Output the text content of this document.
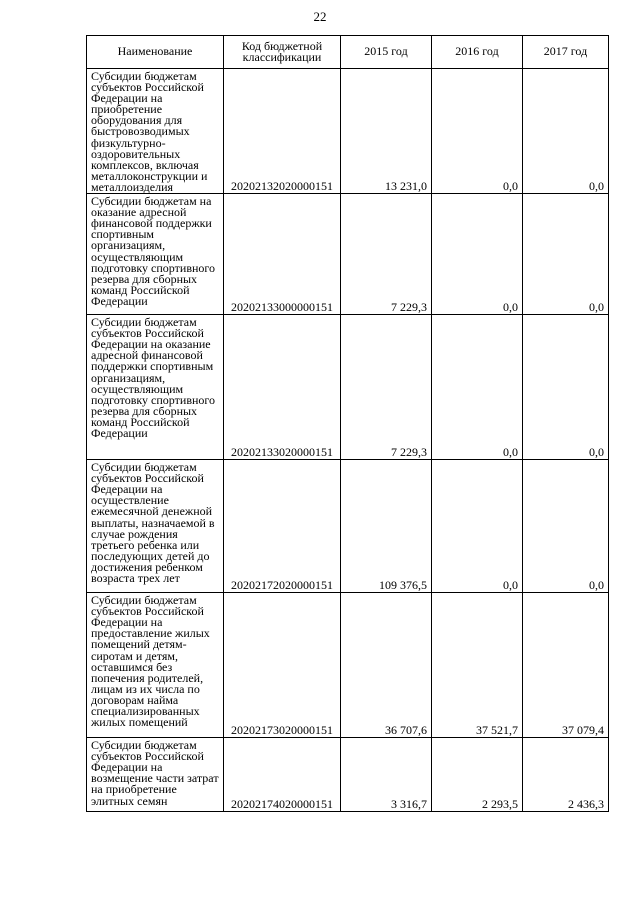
22
Наименование	Код бюджетной классификации	2015 год	2016 год	2017 год
Субсидии бюджетам субъектов Российской Федерации на приобретение оборудования для быстровозводимых физкультурно-оздоровительных комплексов, включая металлоконструкции и металлоизделия	20202132020000151	13 231,0	0,0	0,0
Субсидии бюджетам на оказание адресной финансовой поддержки спортивным организациям, осуществляющим подготовку спортивного резерва для сборных команд Российской Федерации	20202133000000151	7 229,3	0,0	0,0
Субсидии бюджетам субъектов Российской Федерации на оказание адресной финансовой поддержки спортивным организациям, осуществляющим подготовку спортивного резерва для сборных команд Российской Федерации	20202133020000151	7 229,3	0,0	0,0
Субсидии бюджетам субъектов Российской Федерации на осуществление ежемесячной денежной выплаты, назначаемой в случае рождения третьего ребенка или последующих детей до достижения ребенком возраста трех лет	20202172020000151	109 376,5	0,0	0,0
Субсидии бюджетам субъектов Российской Федерации на предоставление жилых помещений детям-сиротам и детям, оставшимся без попечения родителей, лицам из их числа по договорам найма специализированных жилых помещений	20202173020000151	36 707,6	37 521,7	37 079,4
Субсидии бюджетам субъектов Российской Федерации на возмещение части затрат на приобретение элитных семян	20202174020000151	3 316,7	2 293,5	2 436,3
